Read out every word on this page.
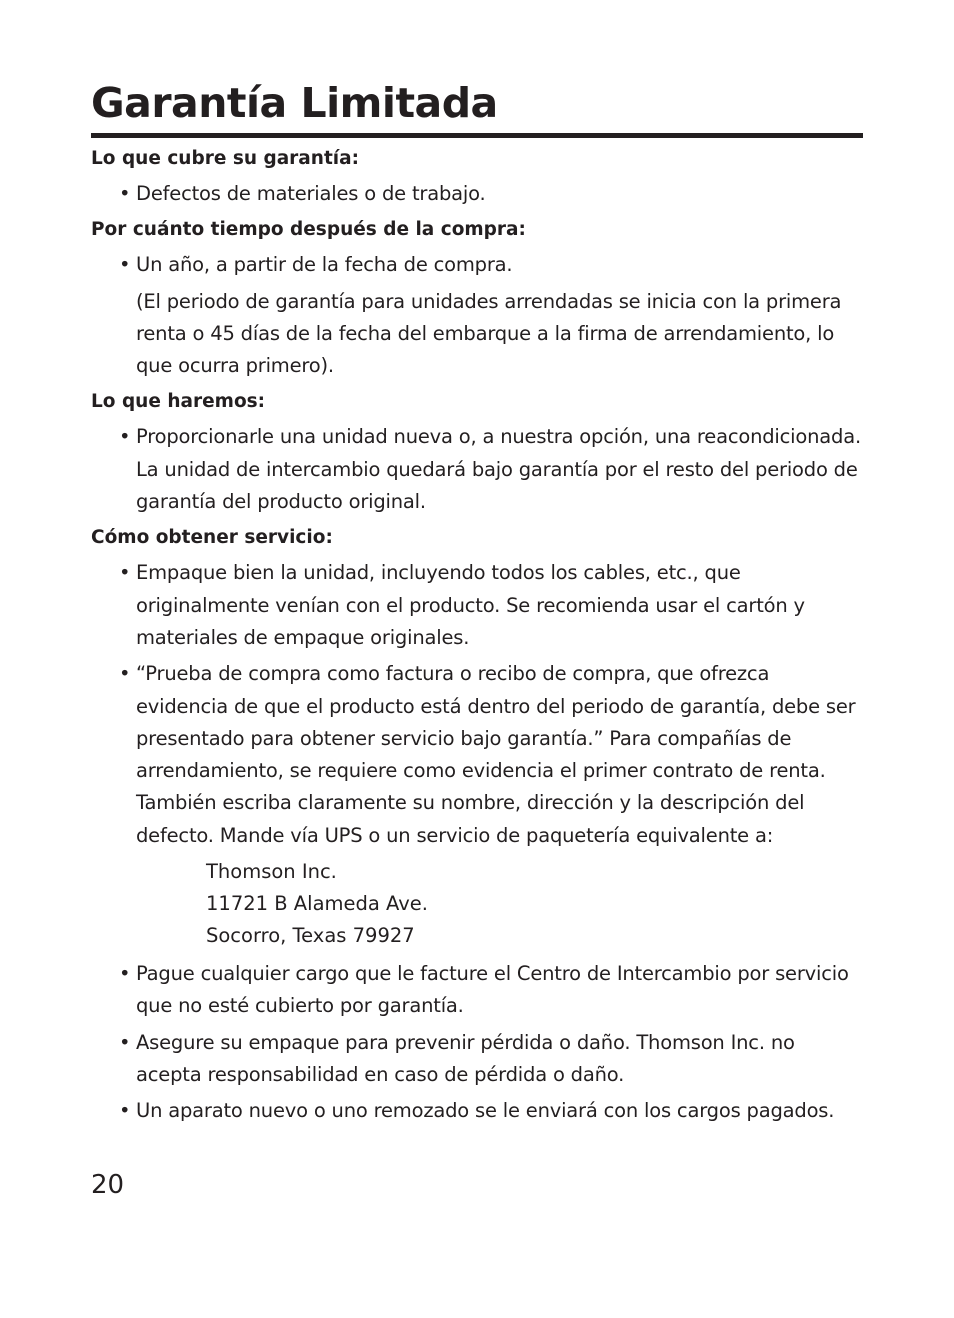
Garantía Limitada

Lo que cubre su garantía:

• Defectos de materiales o de trabajo.

Por cuánto tiempo después de la compra:

• Un año, a partir de la fecha de compra.
(El periodo de garantía para unidades arrendadas se inicia con la primera renta o 45 días de la fecha del embarque a la firma de arrendamiento, lo que ocurra primero).

Lo que haremos:

• Proporcionarle una unidad nueva o, a nuestra opción, una reacondicionada. La unidad de intercambio quedará bajo garantía por el resto del periodo de garantía del producto original.

Cómo obtener servicio:

• Empaque bien la unidad, incluyendo todos los cables, etc., que originalmente venían con el producto. Se recomienda usar el cartón y materiales de empaque originales.
• “Prueba de compra como factura o recibo de compra, que ofrezca evidencia de que el producto está dentro del periodo de garantía, debe ser presentado para obtener servicio bajo garantía.” Para compañías de arrendamiento, se requiere como evidencia el primer contrato de renta. También escriba claramente su nombre, dirección y la descripción del defecto. Mande vía UPS o un servicio de paquetería equivalente a:
Thomson Inc.
11721 B Alameda Ave.
Socorro, Texas 79927
• Pague cualquier cargo que le facture el Centro de Intercambio por servicio que no esté cubierto por garantía.
• Asegure su empaque para prevenir pérdida o daño. Thomson Inc. no acepta responsabilidad en caso de pérdida o daño.
• Un aparato nuevo o uno remozado se le enviará con los cargos pagados.
20
